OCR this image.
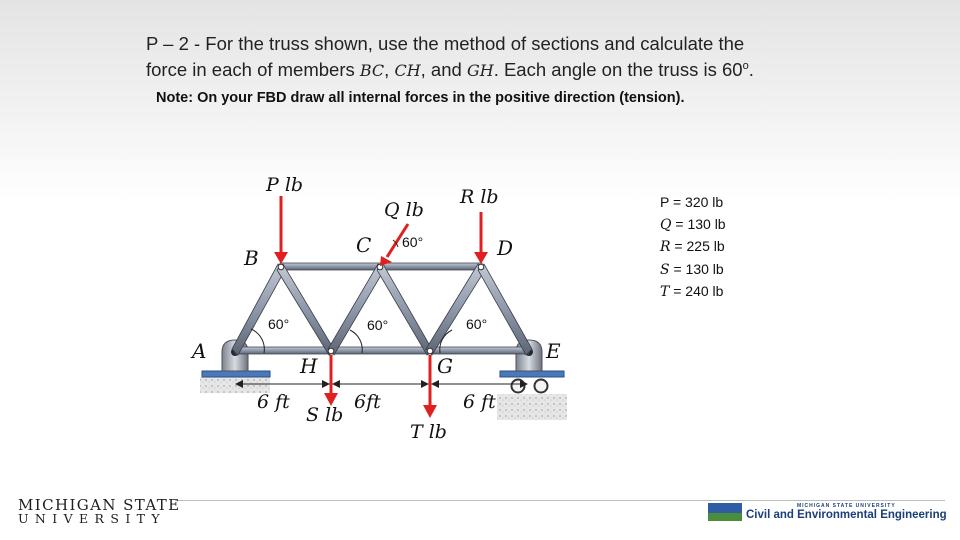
P – 2 - For the truss shown, use the method of sections and calculate the
force in each of members BC, CH, and GH. Each angle on the truss is 60$^o$.
Note: On your FBD draw all internal forces in the positive direction (tension).
A
B
C	D
E
G
H
P lb
Q lb
R lb
S lb
T lb
60°	60°	60°
60°
6 ft	6ft	6 ft
P = 320 lb
Q = 130 lb
R = 225 lb
S = 130 lb
T = 240 lb
MICHIGAN STATE
UNIVERSITY
MICHIGAN STATE UNIVERSITY
Civil and Environmental Engineering
